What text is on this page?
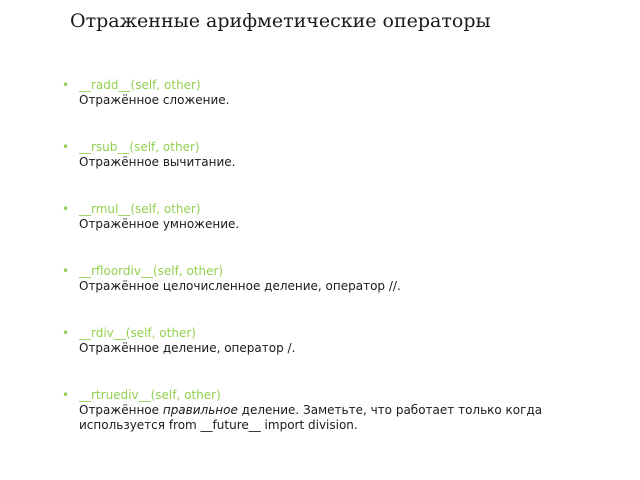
Отраженные арифметические операторы
• __radd__(self, other)
Отражённое сложение.
• __rsub__(self, other)
Отражённое вычитание.
• __rmul__(self, other)
Отражённое умножение.
• __rfloordiv__(self, other)
Отражённое целочисленное деление, оператор //.
• __rdiv__(self, other)
Отражённое деление, оператор /.
• __rtruediv__(self, other)
Отражённое правильное деление. Заметьте, что работает только когда используется from __future__ import division.
